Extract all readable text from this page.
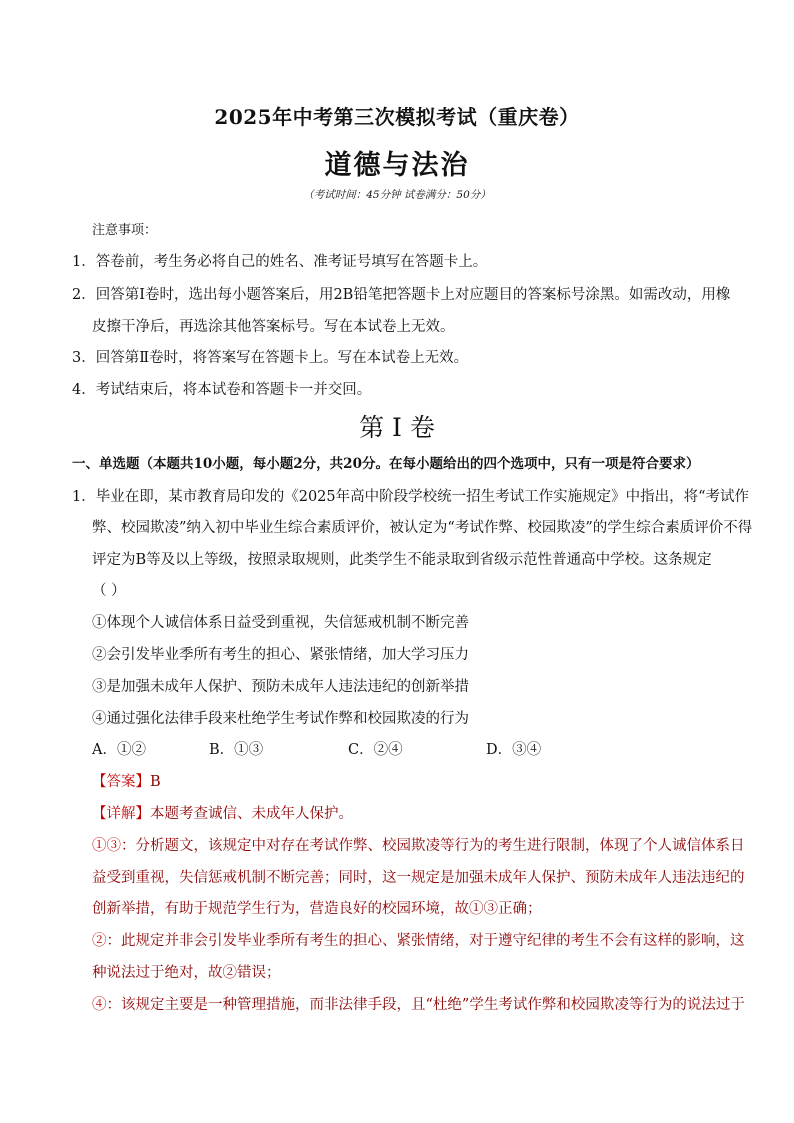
2025年中考第三次模拟考试（重庆卷）
道德与法治
（考试时间：45分钟 试卷满分：50分）
注意事项：
1．答卷前，考生务必将自己的姓名、准考证号填写在答题卡上。
2．回答第Ⅰ卷时，选出每小题答案后，用2B铅笔把答题卡上对应题目的答案标号涂黑。如需改动，用橡
皮擦干净后，再选涂其他答案标号。写在本试卷上无效。
3．回答第Ⅱ卷时，将答案写在答题卡上。写在本试卷上无效。
4．考试结束后，将本试卷和答题卡一并交回。
第 I 卷
一、单选题（本题共10小题，每小题2分，共20分。在每小题给出的四个选项中，只有一项是符合要求）
1．毕业在即，某市教育局印发的《2025年高中阶段学校统一招生考试工作实施规定》中指出，将“考试作
弊、校园欺凌”纳入初中毕业生综合素质评价，被认定为“考试作弊、校园欺凌”的学生综合素质评价不得
评定为B等及以上等级，按照录取规则，此类学生不能录取到省级示范性普通高中学校。这条规定
（ ）
①体现个人诚信体系日益受到重视，失信惩戒机制不断完善
②会引发毕业季所有考生的担心、紧张情绪，加大学习压力
③是加强未成年人保护、预防未成年人违法违纪的创新举措
④通过强化法律手段来杜绝学生考试作弊和校园欺凌的行为
A．①②	B．①③	C．②④	D．③④
【答案】B
【详解】本题考查诚信、未成年人保护。
①③：分析题文，该规定中对存在考试作弊、校园欺凌等行为的考生进行限制，体现了个人诚信体系日
益受到重视，失信惩戒机制不断完善；同时，这一规定是加强未成年人保护、预防未成年人违法违纪的
创新举措，有助于规范学生行为，营造良好的校园环境，故①③正确；
②：此规定并非会引发毕业季所有考生的担心、紧张情绪，对于遵守纪律的考生不会有这样的影响，这
种说法过于绝对，故②错误；
④：该规定主要是一种管理措施，而非法律手段，且“杜绝”学生考试作弊和校园欺凌等行为的说法过于
